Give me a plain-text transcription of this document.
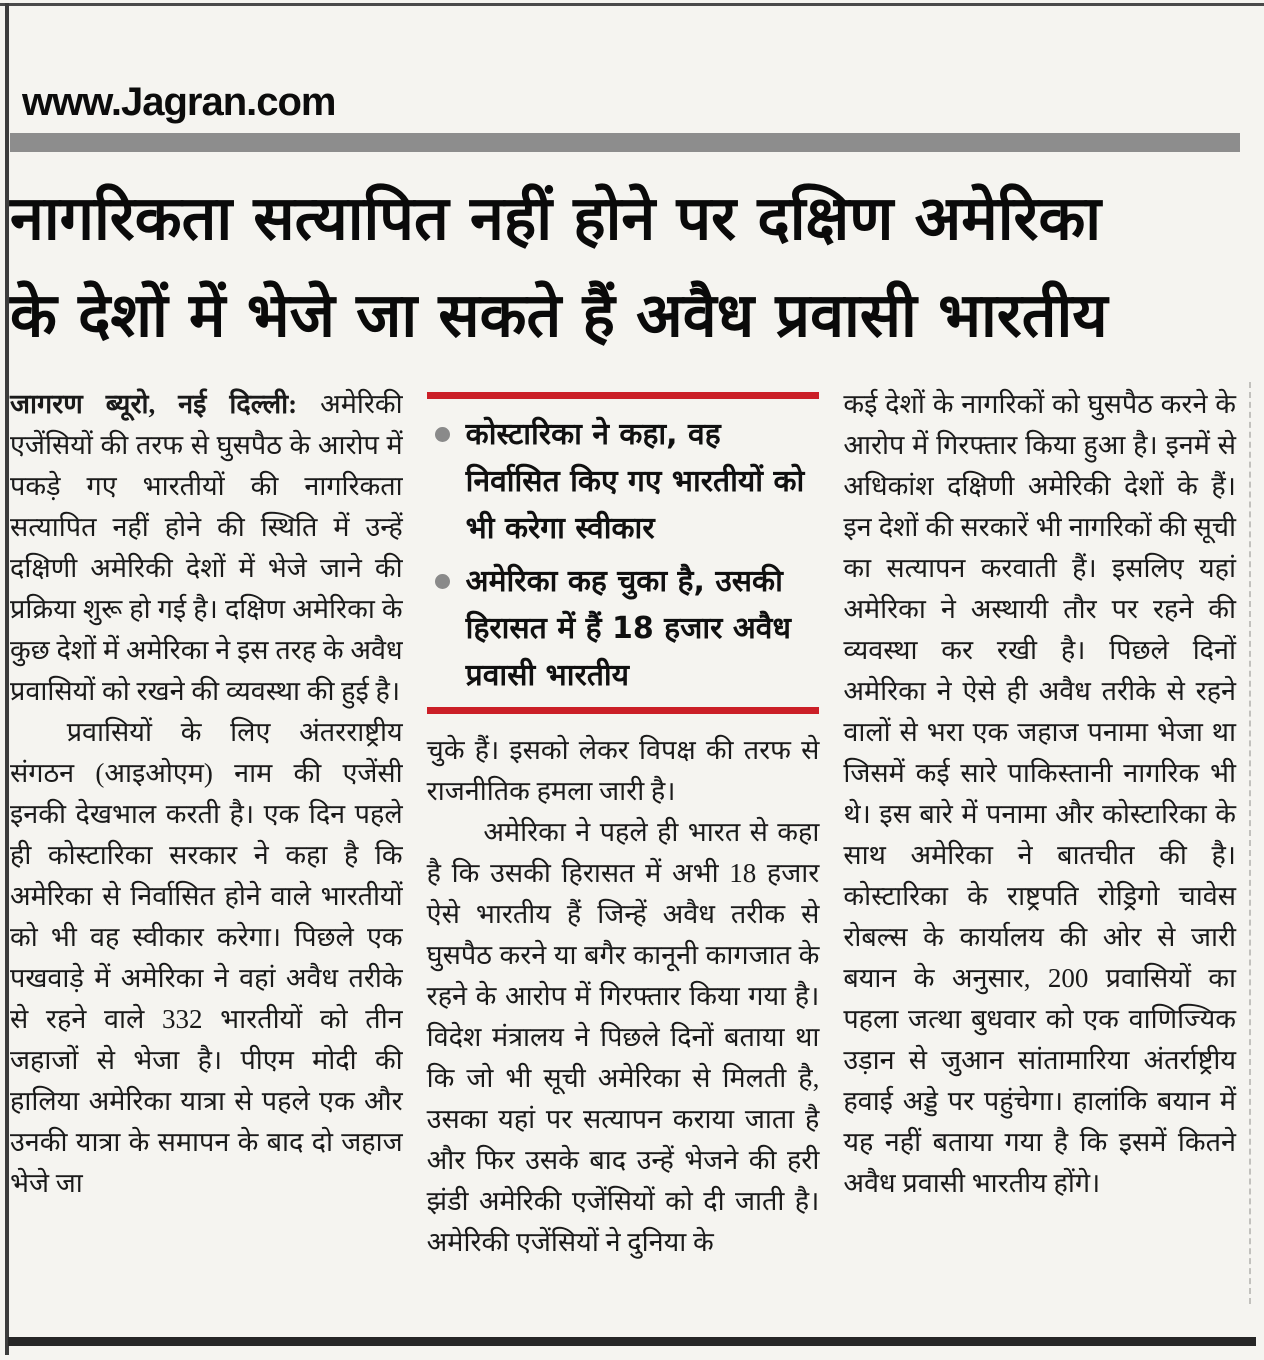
www.Jagran.com
नागरिकता सत्यापित नहीं होने पर दक्षिण अमेरिका
के देशों में भेजे जा सकते हैं अवैध प्रवासी भारतीय

जागरण ब्यूरो, नई दिल्ली: अमेरिकी एजेंसियों की तरफ से घुसपैठ के आरोप में पकड़े गए भारतीयों की नागरिकता सत्यापित नहीं होने की स्थिति में उन्हें दक्षिणी अमेरिकी देशों में भेजे जाने की प्रक्रिया शुरू हो गई है। दक्षिण अमेरिका के कुछ देशों में अमेरिका ने इस तरह के अवैध प्रवासियों को रखने की व्यवस्था की हुई है।

प्रवासियों के लिए अंतरराष्ट्रीय संगठन (आइओएम) नाम की एजेंसी इनकी देखभाल करती है। एक दिन पहले ही कोस्टारिका सरकार ने कहा है कि अमेरिका से निर्वासित होने वाले भारतीयों को भी वह स्वीकार करेगा। पिछले एक पखवाड़े में अमेरिका ने वहां अवैध तरीके से रहने वाले 332 भारतीयों को तीन जहाजों से भेजा है। पीएम मोदी की हालिया अमेरिका यात्रा से पहले एक और उनकी यात्रा के समापन के बाद दो जहाज भेजे जा

कोस्टारिका ने कहा, वह निर्वासित किए गए भारतीयों को भी करेगा स्वीकार
अमेरिका कह चुका है, उसकी हिरासत में हैं 18 हजार अवैध प्रवासी भारतीय

चुके हैं। इसको लेकर विपक्ष की तरफ से राजनीतिक हमला जारी है।

अमेरिका ने पहले ही भारत से कहा है कि उसकी हिरासत में अभी 18 हजार ऐसे भारतीय हैं जिन्हें अवैध तरीक से घुसपैठ करने या बगैर कानूनी कागजात के रहने के आरोप में गिरफ्तार किया गया है। विदेश मंत्रालय ने पिछले दिनों बताया था कि जो भी सूची अमेरिका से मिलती है, उसका यहां पर सत्यापन कराया जाता है और फिर उसके बाद उन्हें भेजने की हरी झंडी अमेरिकी एजेंसियों को दी जाती है। अमेरिकी एजेंसियों ने दुनिया के

कई देशों के नागरिकों को घुसपैठ करने के आरोप में गिरफ्तार किया हुआ है। इनमें से अधिकांश दक्षिणी अमेरिकी देशों के हैं। इन देशों की सरकारें भी नागरिकों की सूची का सत्यापन करवाती हैं। इसलिए यहां अमेरिका ने अस्थायी तौर पर रहने की व्यवस्था कर रखी है। पिछले दिनों अमेरिका ने ऐसे ही अवैध तरीके से रहने वालों से भरा एक जहाज पनामा भेजा था जिसमें कई सारे पाकिस्तानी नागरिक भी थे। इस बारे में पनामा और कोस्टारिका के साथ अमेरिका ने बातचीत की है। कोस्टारिका के राष्ट्रपति रोड्रिगो चावेस रोबल्स के कार्यालय की ओर से जारी बयान के अनुसार, 200 प्रवासियों का पहला जत्था बुधवार को एक वाणिज्यिक उड़ान से जुआन सांतामारिया अंतर्राष्ट्रीय हवाई अड्डे पर पहुंचेगा। हालांकि बयान में यह नहीं बताया गया है कि इसमें कितने अवैध प्रवासी भारतीय होंगे।
